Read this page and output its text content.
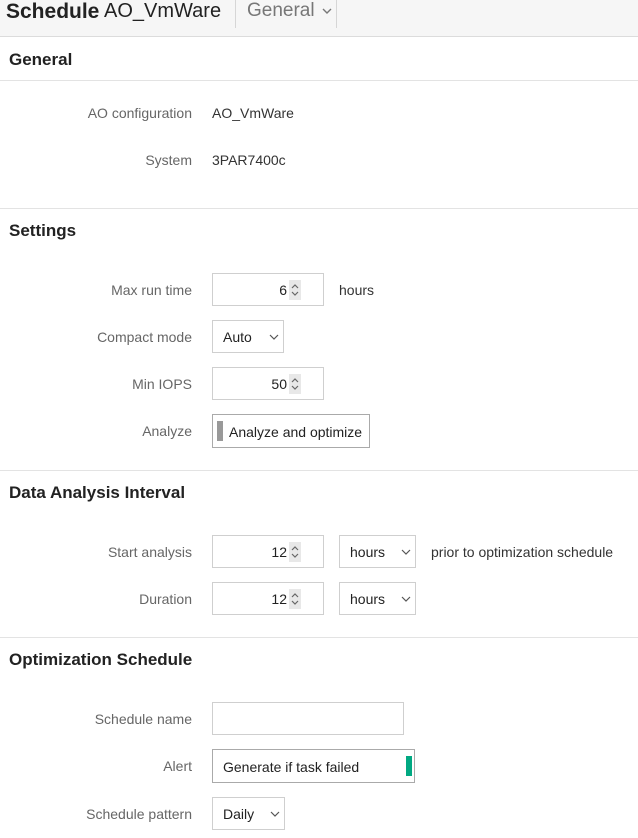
Schedule AO_VmWare General
General
AO configuration AO_VmWare
System 3PAR7400c
Settings
Max run time	6	hours
Compact mode Auto
Min IOPS	50
Analyze	Analyze and optimize
Data Analysis Interval
Start analysis	12	hours	prior to optimization schedule
Duration	12	hours
Optimization Schedule
Schedule name
Alert Generate if task failed
Schedule pattern Daily
